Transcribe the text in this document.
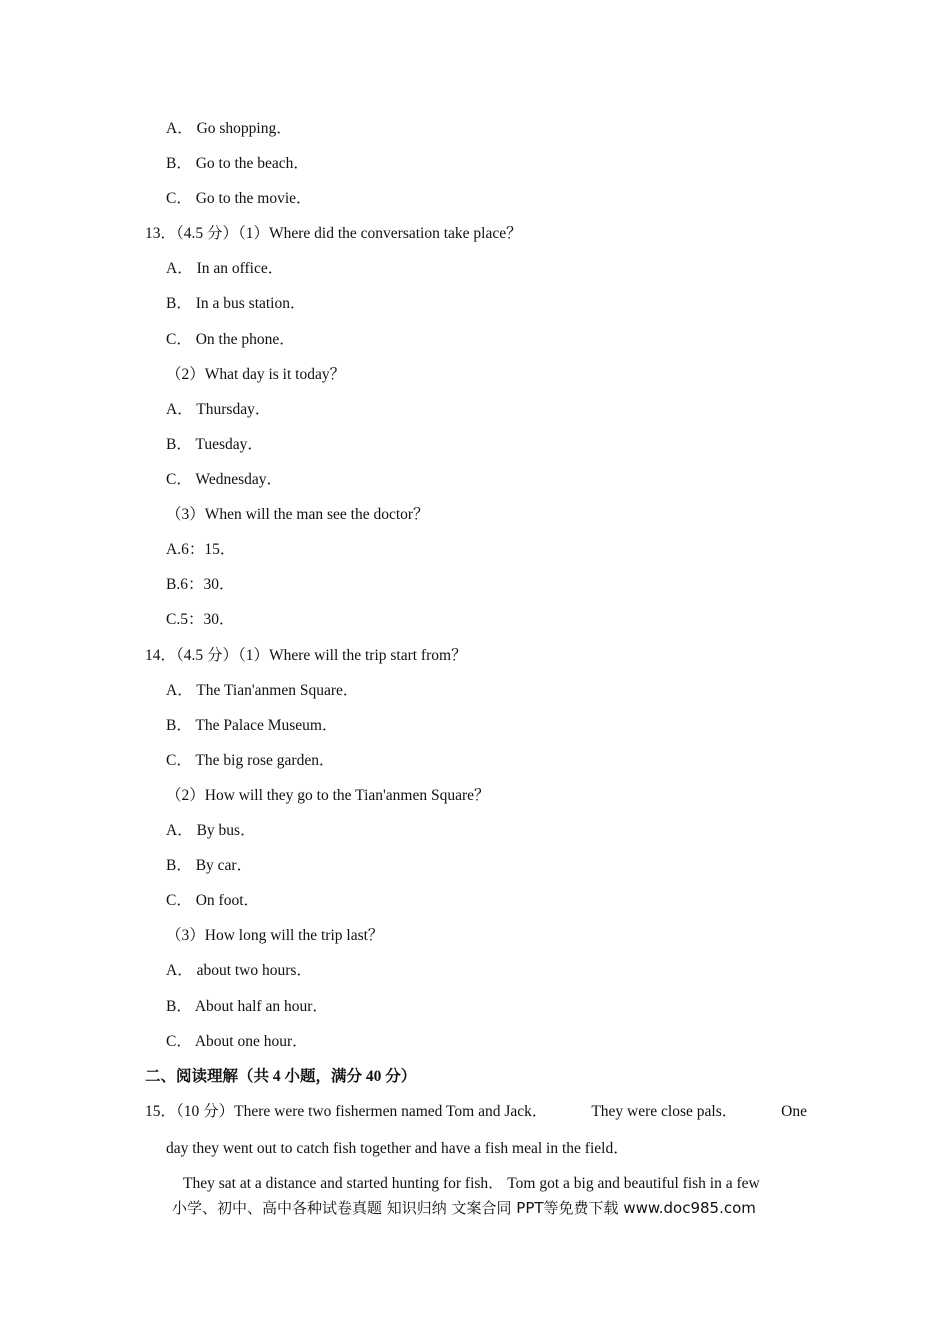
A． Go shopping．
B． Go to the beach．
C． Go to the movie．
13．（4.5 分）（1）Where did the conversation take place？
A． In an office．
B． In a bus station．
C． On the phone．
（2）What day is it today？
A． Thursday．
B． Tuesday．
C． Wednesday．
（3）When will the man see the doctor？
A.6：15．
B.6：30．
C.5：30．
14．（4.5 分）（1）Where will the trip start from？
A． The Tian'anmen Square．
B． The Palace Museum．
C． The big rose garden．
（2）How will they go to the Tian'anmen Square？
A． By bus．
B． By car．
C． On foot．
（3）How long will the trip last？
A． about two hours．
B． About half an hour．
C． About one hour．
二、阅读理解（共 4 小题，满分 40 分）
15．（10 分）There were two fishermen named Tom and Jack．	They were close pals．	One
day they went out to catch fish together and have a fish meal in the field．
They sat at a distance and started hunting for fish． Tom got a big and beautiful fish in a few
小学、初中、高中各种试卷真题 知识归纳 文案合同 PPT等免费下载 www.doc985.com
